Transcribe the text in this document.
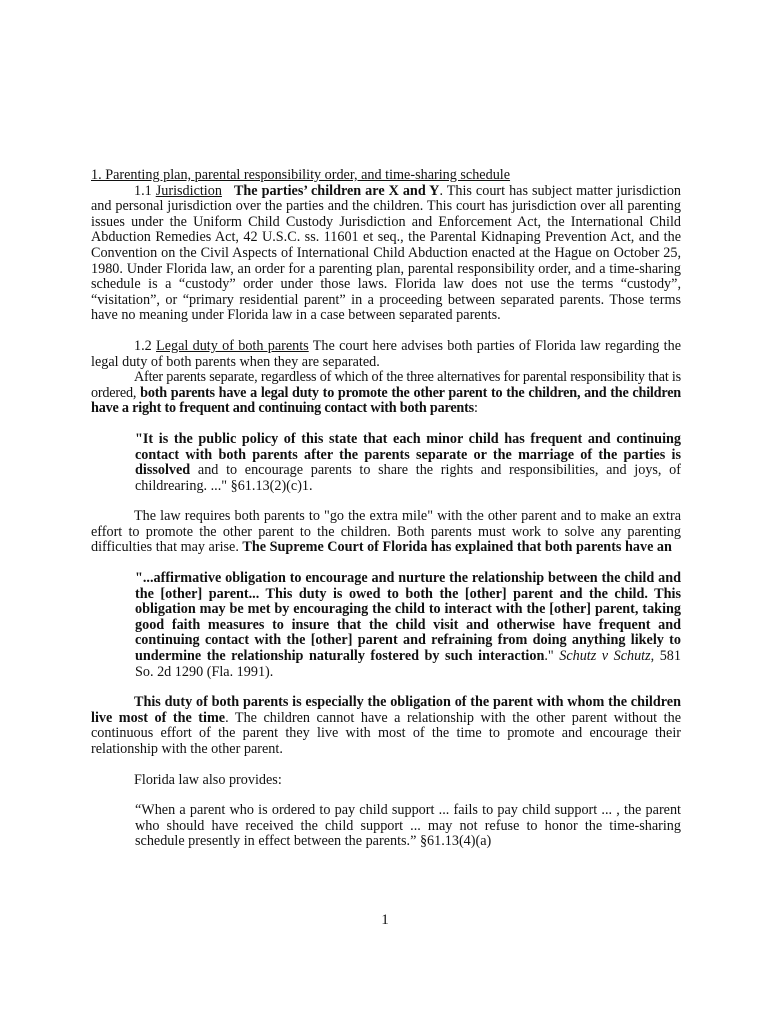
1. Parenting plan, parental responsibility order, and time-sharing schedule

1.1 Jurisdiction The parties’ children are X and Y. This court has subject matter jurisdiction and personal jurisdiction over the parties and the children. This court has jurisdiction over all parenting issues under the Uniform Child Custody Jurisdiction and Enforcement Act, the International Child Abduction Remedies Act, 42 U.S.C. ss. 11601 et seq., the Parental Kidnaping Prevention Act, and the Convention on the Civil Aspects of International Child Abduction enacted at the Hague on October 25, 1980. Under Florida law, an order for a parenting plan, parental responsibility order, and a time-sharing schedule is a “custody” order under those laws. Florida law does not use the terms “custody”, “visitation”, or “primary residential parent” in a proceeding between separated parents. Those terms have no meaning under Florida law in a case between separated parents.

1.2 Legal duty of both parents The court here advises both parties of Florida law regarding the legal duty of both parents when they are separated.

After parents separate, regardless of which of the three alternatives for parental responsibility that is ordered, both parents have a legal duty to promote the other parent to the children, and the children have a right to frequent and continuing contact with both parents:

"It is the public policy of this state that each minor child has frequent and continuing contact with both parents after the parents separate or the marriage of the parties is dissolved and to encourage parents to share the rights and responsibilities, and joys, of childrearing. ..." §61.13(2)(c)1.

The law requires both parents to "go the extra mile" with the other parent and to make an extra effort to promote the other parent to the children. Both parents must work to solve any parenting difficulties that may arise. The Supreme Court of Florida has explained that both parents have an

"...affirmative obligation to encourage and nurture the relationship between the child and the [other] parent... This duty is owed to both the [other] parent and the child. This obligation may be met by encouraging the child to interact with the [other] parent, taking good faith measures to insure that the child visit and otherwise have frequent and continuing contact with the [other] parent and refraining from doing anything likely to undermine the relationship naturally fostered by such interaction." Schutz v Schutz, 581 So. 2d 1290 (Fla. 1991).

This duty of both parents is especially the obligation of the parent with whom the children live most of the time. The children cannot have a relationship with the other parent without the continuous effort of the parent they live with most of the time to promote and encourage their relationship with the other parent.

Florida law also provides:

“When a parent who is ordered to pay child support ... fails to pay child support ... , the parent who should have received the child support ... may not refuse to honor the time-sharing schedule presently in effect between the parents.” §61.13(4)(a)

1
